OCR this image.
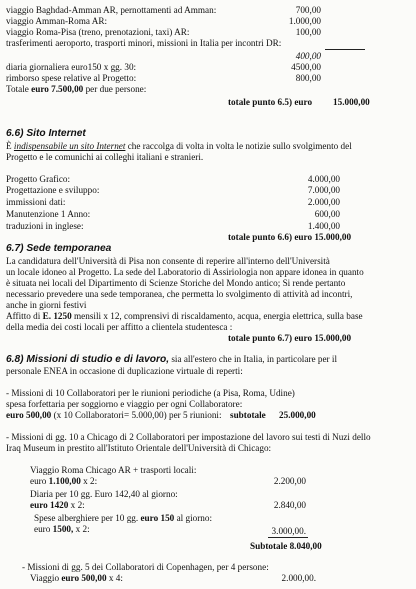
viaggio Baghdad-Amman AR, pernottamenti ad Amman:	700,00
viaggio Amman-Roma AR:	1.000,00
viaggio Roma-Pisa (treno, prenotazioni, taxi) AR:	100,00
trasferimenti aeroporto, trasporti minori, missioni in Italia per incontri DR:
400,00
diaria giornaliera euro150 x gg. 30:	4500,00
rimborso spese relative al Progetto:	800,00
Totale euro 7.500,00 per due persone:
totale punto 6.5) euro 15.000,00
6.6) Sito Internet
È indispensabile un sito Internet che raccolga di volta in volta le notizie sullo svolgimento del
Progetto e le comunichi ai colleghi italiani e stranieri.
Progetto Grafico:	4.000,00
Progettazione e sviluppo:	7.000,00
immissioni dati:	2.000,00
Manutenzione 1 Anno:	600,00
traduzioni in inglese:	1.400,00
totale punto 6.6) euro 15.000,00
6.7) Sede temporanea
La candidatura dell'Università di Pisa non consente di reperire all'interno dell'Università
un locale idoneo al Progetto. La sede del Laboratorio di Assiriologia non appare idonea in quanto
è situata nei locali del Dipartimento di Scienze Storiche del Mondo antico; Si rende pertanto
necessario prevedere una sede temporanea, che permetta lo svolgimento di attività ad incontri,
anche in giorni festivi
Affitto di E. 1250 mensili x 12, comprensivi di riscaldamento, acqua, energia elettrica, sulla base
della media dei costi locali per affitto a clientela studentesca :
totale punto 6.7) euro 15.000,00
6.8) Missioni di studio e di lavoro, sia all'estero che in Italia, in particolare per il
personale ENEA in occasione di duplicazione virtuale di reperti:
- Missioni di 10 Collaboratori per le riunioni periodiche (a Pisa, Roma, Udine)
spesa forfettaria per soggiorno e viaggio per ogni Collaboratore:
euro 500,00 (x 10 Collaboratori= 5.000,00) per 5 riunioni: subtotale 25.000,00
- Missioni di gg. 10 a Chicago di 2 Collaboratori per impostazione del lavoro sui testi di Nuzi dello
Iraq Museum in prestito all'Istituto Orientale dell'Università di Chicago:
Viaggio Roma Chicago AR + trasporti locali:
euro 1.100,00 x 2:	2.200,00
Diaria per 10 gg. Euro 142,40 al giorno:
euro 1420 x 2:	2.840,00
Spese alberghiere per 10 gg. euro 150 al giorno:
euro 1500, x 2:	3.000,00.
Subtotale 8.040,00
- Missioni di gg. 5 dei Collaboratori di Copenhagen, per 4 persone:
Viaggio euro 500,00 x 4:	2.000,00.
